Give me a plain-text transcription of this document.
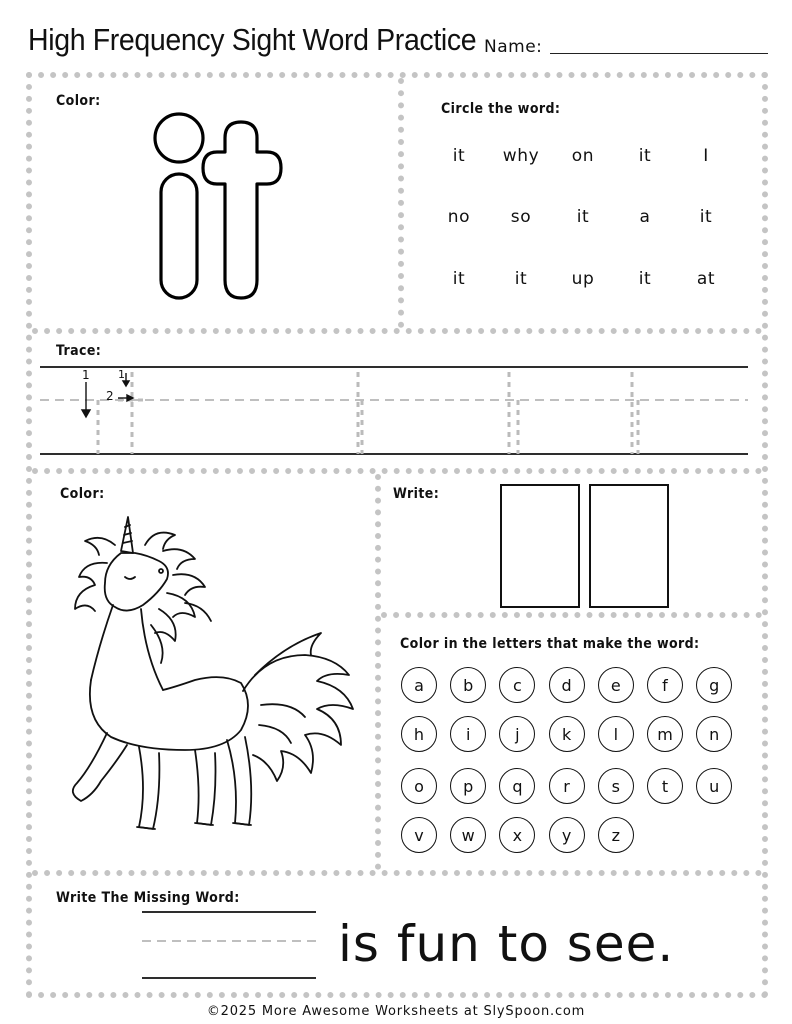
High Frequency Sight Word Practice Name:
Color:	Circle the word:
it	why	on	it	I
no	so	it	a	it
it	it	up	it	at
Trace:
1
2
1
Color:	Write:
Color in the letters that make the word:
a	b	c	d	e	f	g
h	i	j	k	l	m	n
o	p	q	r	s	t	u
v	w	x	y	z
Write The Missing Word:
is fun to see.
©2025 More Awesome Worksheets at SlySpoon.com
